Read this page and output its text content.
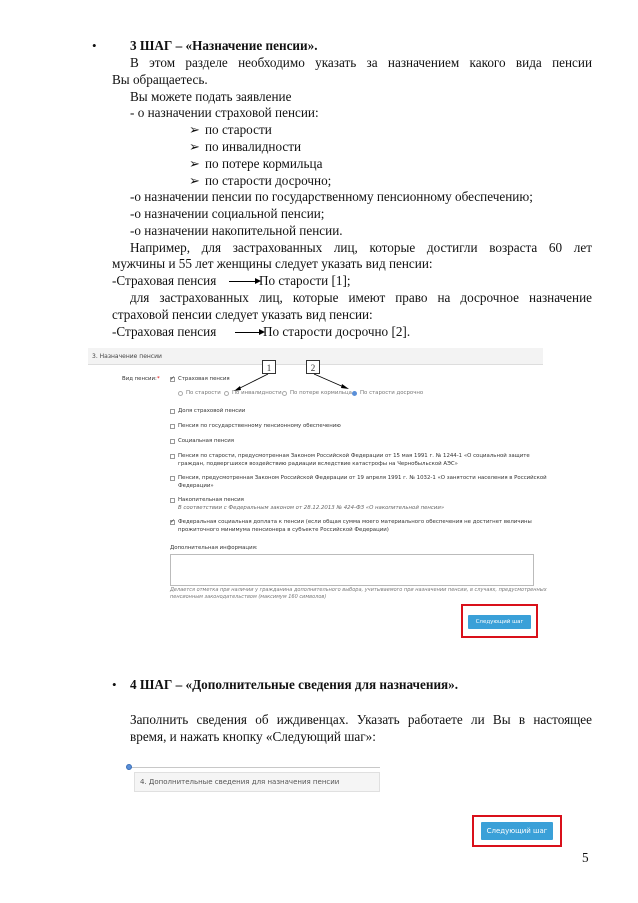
•	3 ШАГ – «Назначение пенсии».
В этом разделе необходимо указать за назначением какого вида пенсии
Вы обращаетесь.
Вы можете подать заявление
- о назначении страховой пенсии:
➢ по старости
➢ по инвалидности
➢ по потере кормильца
➢ по старости досрочно;
-о назначении пенсии по государственному пенсионному обеспечению;
-о назначении социальной пенсии;
-о назначении накопительной пенсии.
Например, для застрахованных лиц, которые достигли возраста 60 лет
мужчины и 55 лет женщины следует указать вид пенсии:
-Страховая пенсия	По старости [1];
для застрахованных лиц, которые имеют право на досрочное назначение
страховой пенсии следует указать вид пенсии:
-Страховая пенсия	По старости досрочно [2].
3. Назначение пенсии
Вид пенсии: *
1	2
✓
Страховая пенсия
По старости По инвалидности По потере кормильца По старости досрочно
Доля страховой пенсии
Пенсия по государственному пенсионному обеспечению
Социальная пенсия
Пенсия по старости, предусмотренная Законом Российской Федерации от 15 мая 1991 г. № 1244-1 «О социальной защите
граждан, подвергшихся воздействию радиации вследствие катастрофы на Чернобыльской АЭС»
Пенсия, предусмотренная Законом Российской Федерации от 19 апреля 1991 г. № 1032-1 «О занятости населения в Российской
Федерации»
Накопительная пенсия
В соответствии с Федеральным законом от 28.12.2013 № 424-ФЗ «О накопительной пенсии»
✓
Федеральная социальная доплата к пенсии (если общая сумма моего материального обеспечения не достигнет величины
прожиточного минимума пенсионера в субъекте Российской Федерации)
Дополнительная информация:
Делается отметка при наличии у гражданина дополнительного выбора, учитываемого при назначении пенсии, в случаях, предусмотренных
пенсионным законодательством (максимум 160 символов)
Следующий шаг
• 4 ШАГ – «Дополнительные сведения для назначения».
Заполнить сведения об иждивенцах. Указать работаете ли Вы в настоящее
время, и нажать кнопку «Следующий шаг»:
4. Дополнительные сведения для назначения пенсии
Следующий шаг
5
